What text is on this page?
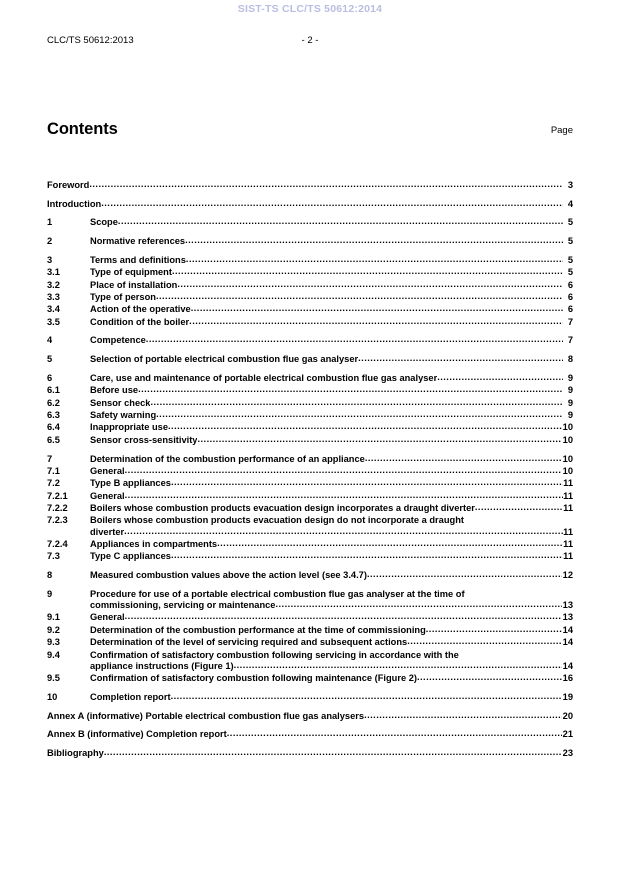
SIST-TS CLC/TS 50612:2014
CLC/TS 50612:2013	- 2 -
Contents	Page
Foreword .....	3
Introduction .....	4
1	Scope .....	5
2	Normative references .....	5
3	Terms and definitions .....	5
3.1	Type of equipment .....	5
3.2	Place of installation .....	6
3.3	Type of person .....	6
3.4	Action of the operative .....	6
3.5	Condition of the boiler .....	7
4	Competence .....	7
5	Selection of portable electrical combustion flue gas analyser .....	8
6	Care, use and maintenance of portable electrical combustion flue gas analyser .....	9
6.1	Before use .....	9
6.2	Sensor check .....	9
6.3	Safety warning .....	9
6.4	Inappropriate use .....	10
6.5	Sensor cross-sensitivity .....	10
7	Determination of the combustion performance of an appliance .....	10
7.1	General .....	10
7.2	Type B appliances .....	11
7.2.1	General .....	11
7.2.2	Boilers whose combustion products evacuation design incorporates a draught diverter .....	11
7.2.3	Boilers whose combustion products evacuation design do not incorporate a draught
diverter .....	11
7.2.4	Appliances in compartments .....	11
7.3	Type C appliances .....	11
8	Measured combustion values above the action level (see 3.4.7) .....	12
9	Procedure for use of a portable electrical combustion flue gas analyser at the time of
commissioning, servicing or maintenance .....	13
9.1	General .....	13
9.2	Determination of the combustion performance at the time of commissioning .....	14
9.3	Determination of the level of servicing required and subsequent actions .....	14
9.4	Confirmation of satisfactory combustion following servicing in accordance with the
appliance instructions (Figure 1) .....	14
9.5	Confirmation of satisfactory combustion following maintenance (Figure 2) .....	16
10	Completion report .....	19
Annex A (informative) Portable electrical combustion flue gas analysers .....	20
Annex B (informative) Completion report .....	21
Bibliography .....	23
